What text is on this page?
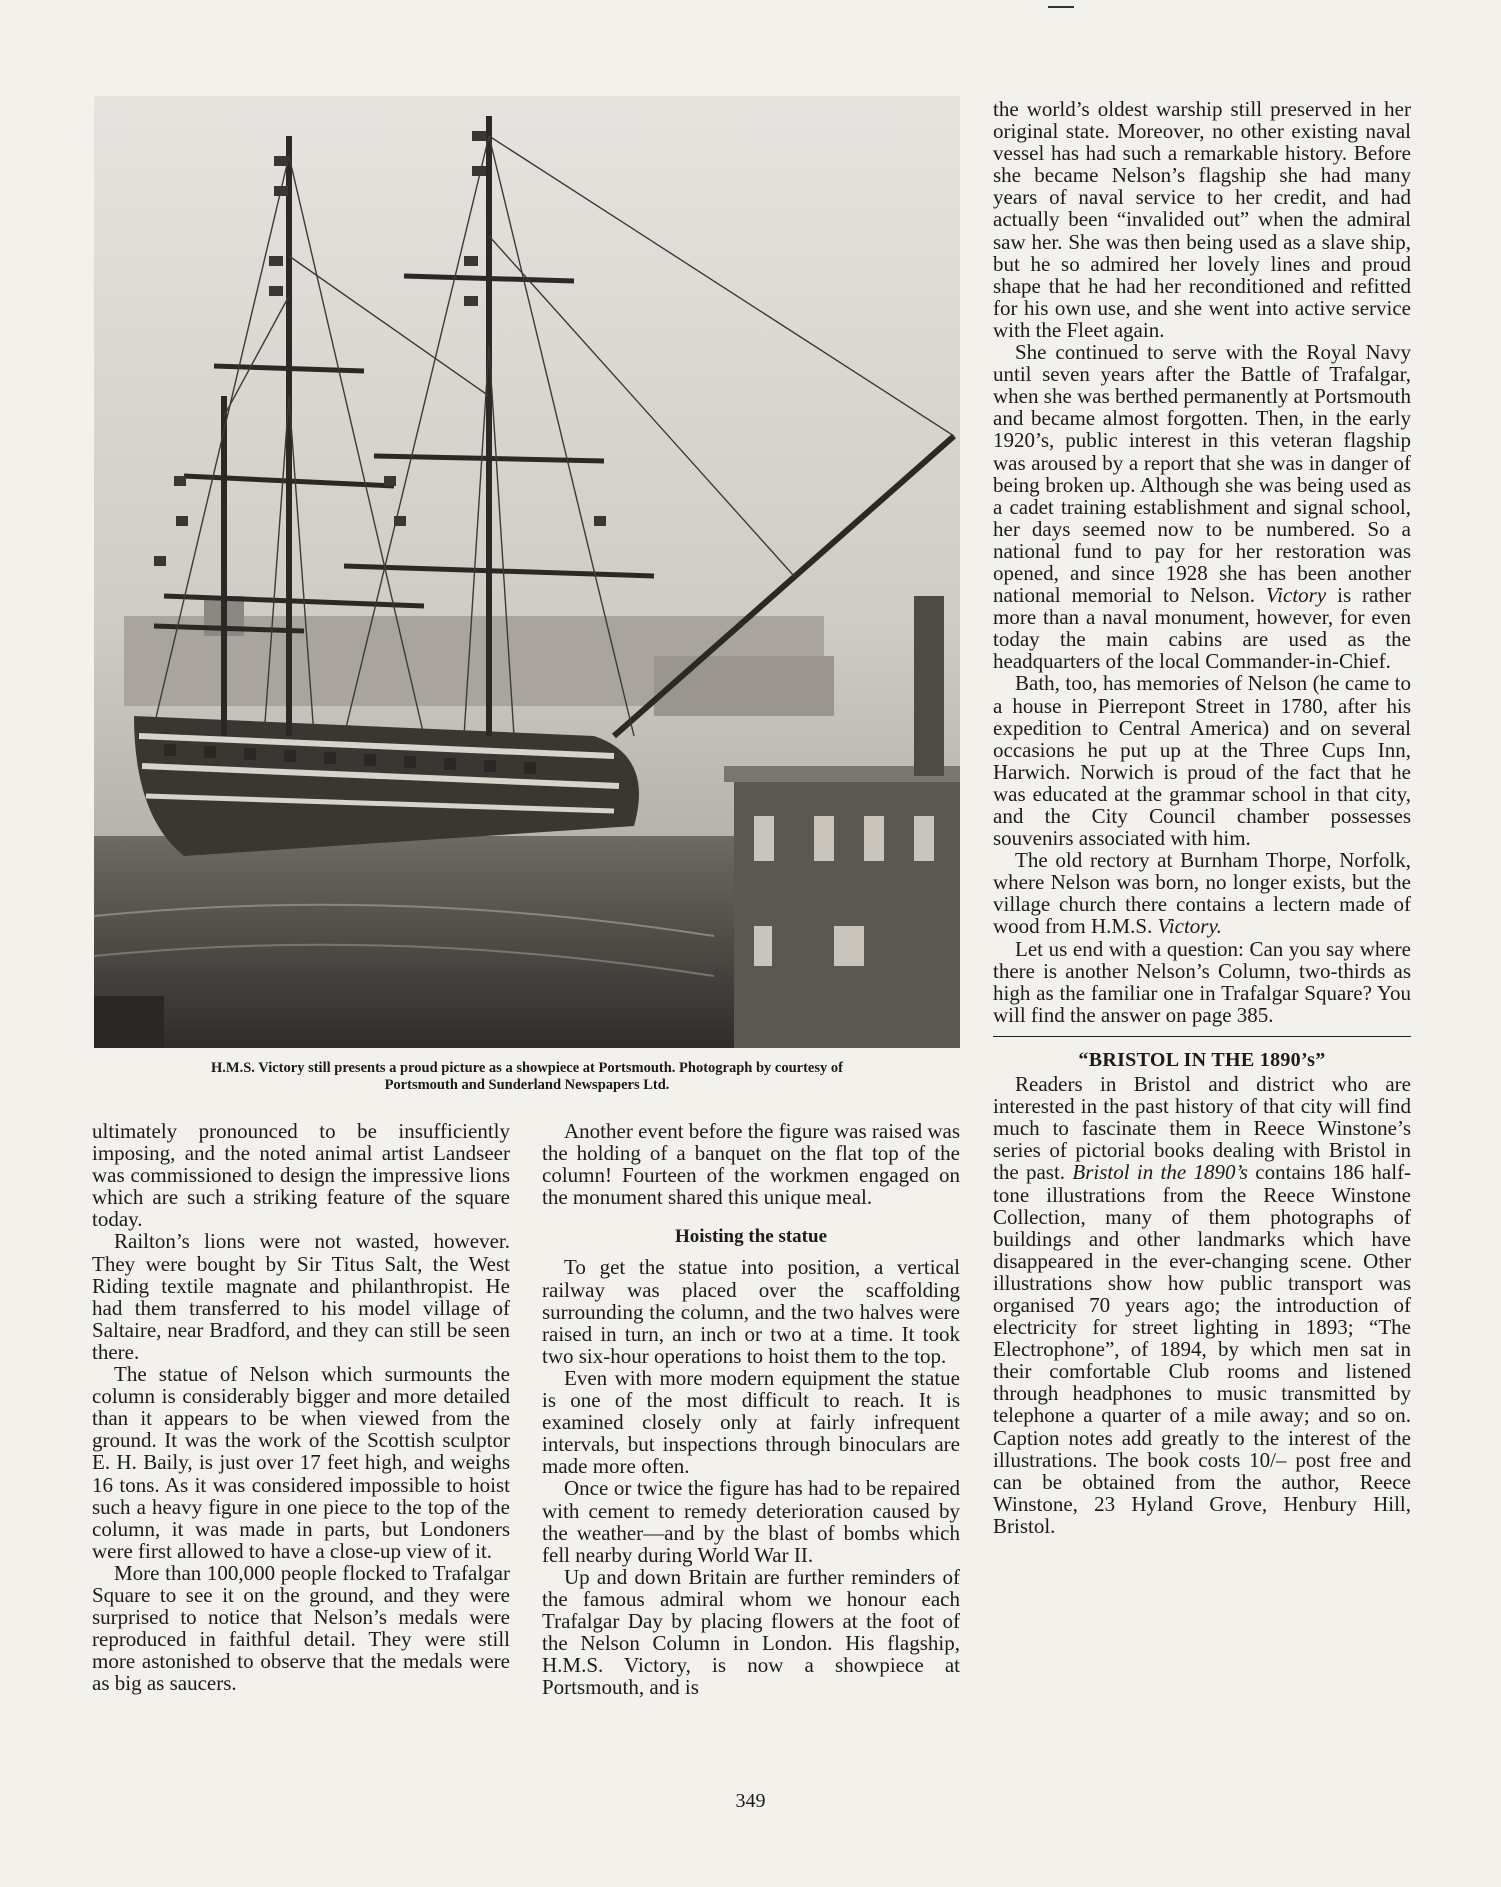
H.M.S. Victory still presents a proud picture as a showpiece at Portsmouth. Photograph by courtesy of
Portsmouth and Sunderland Newspapers Ltd.

ultimately pronounced to be insufficiently imposing, and the noted animal artist Landseer was commissioned to design the impressive lions which are such a striking feature of the square today.

Railton’s lions were not wasted, however. They were bought by Sir Titus Salt, the West Riding textile magnate and philanthropist. He had them transferred to his model village of Saltaire, near Bradford, and they can still be seen there.

The statue of Nelson which surmounts the column is considerably bigger and more detailed than it appears to be when viewed from the ground. It was the work of the Scottish sculptor E. H. Baily, is just over 17 feet high, and weighs 16 tons. As it was considered impossible to hoist such a heavy figure in one piece to the top of the column, it was made in parts, but Londoners were first allowed to have a close-up view of it.

More than 100,000 people flocked to Trafalgar Square to see it on the ground, and they were surprised to notice that Nelson’s medals were reproduced in faithful detail. They were still more astonished to observe that the medals were as big as saucers.

Another event before the figure was raised was the holding of a banquet on the flat top of the column! Fourteen of the workmen engaged on the monument shared this unique meal.

Hoisting the statue

To get the statue into position, a vertical railway was placed over the scaffolding surrounding the column, and the two halves were raised in turn, an inch or two at a time. It took two six-hour operations to hoist them to the top.

Even with more modern equipment the statue is one of the most difficult to reach. It is examined closely only at fairly infrequent intervals, but inspections through binoculars are made more often.

Once or twice the figure has had to be repaired with cement to remedy deterioration caused by the weather—and by the blast of bombs which fell nearby during World War II.

Up and down Britain are further reminders of the famous admiral whom we honour each Trafalgar Day by placing flowers at the foot of the Nelson Column in London. His flagship, H.M.S. Victory, is now a showpiece at Portsmouth, and is

the world’s oldest warship still preserved in her original state. Moreover, no other existing naval vessel has had such a remarkable history. Before she became Nelson’s flagship she had many years of naval service to her credit, and had actually been “invalided out” when the admiral saw her. She was then being used as a slave ship, but he so admired her lovely lines and proud shape that he had her reconditioned and refitted for his own use, and she went into active service with the Fleet again.

She continued to serve with the Royal Navy until seven years after the Battle of Trafalgar, when she was berthed permanently at Portsmouth and became almost forgotten. Then, in the early 1920’s, public interest in this veteran flagship was aroused by a report that she was in danger of being broken up. Although she was being used as a cadet training establishment and signal school, her days seemed now to be numbered. So a national fund to pay for her restoration was opened, and since 1928 she has been another national memorial to Nelson. Victory is rather more than a naval monument, however, for even today the main cabins are used as the headquarters of the local Commander-in-Chief.

Bath, too, has memories of Nelson (he came to a house in Pierrepont Street in 1780, after his expedition to Central America) and on several occasions he put up at the Three Cups Inn, Harwich. Norwich is proud of the fact that he was educated at the grammar school in that city, and the City Council chamber possesses souvenirs associated with him.

The old rectory at Burnham Thorpe, Norfolk, where Nelson was born, no longer exists, but the village church there contains a lectern made of wood from H.M.S. Victory.

Let us end with a question: Can you say where there is another Nelson’s Column, two-thirds as high as the familiar one in Trafalgar Square? You will find the answer on page 385.

“BRISTOL IN THE 1890’s”

Readers in Bristol and district who are interested in the past history of that city will find much to fascinate them in Reece Winstone’s series of pictorial books dealing with Bristol in the past. Bristol in the 1890’s contains 186 half-tone illustrations from the Reece Winstone Collection, many of them photographs of buildings and other landmarks which have disappeared in the ever-changing scene. Other illustrations show how public transport was organised 70 years ago; the introduction of electricity for street lighting in 1893; “The Electrophone”, of 1894, by which men sat in their comfortable Club rooms and listened through headphones to music transmitted by telephone a quarter of a mile away; and so on. Caption notes add greatly to the interest of the illustrations. The book costs 10/– post free and can be obtained from the author, Reece Winstone, 23 Hyland Grove, Henbury Hill, Bristol.

349
